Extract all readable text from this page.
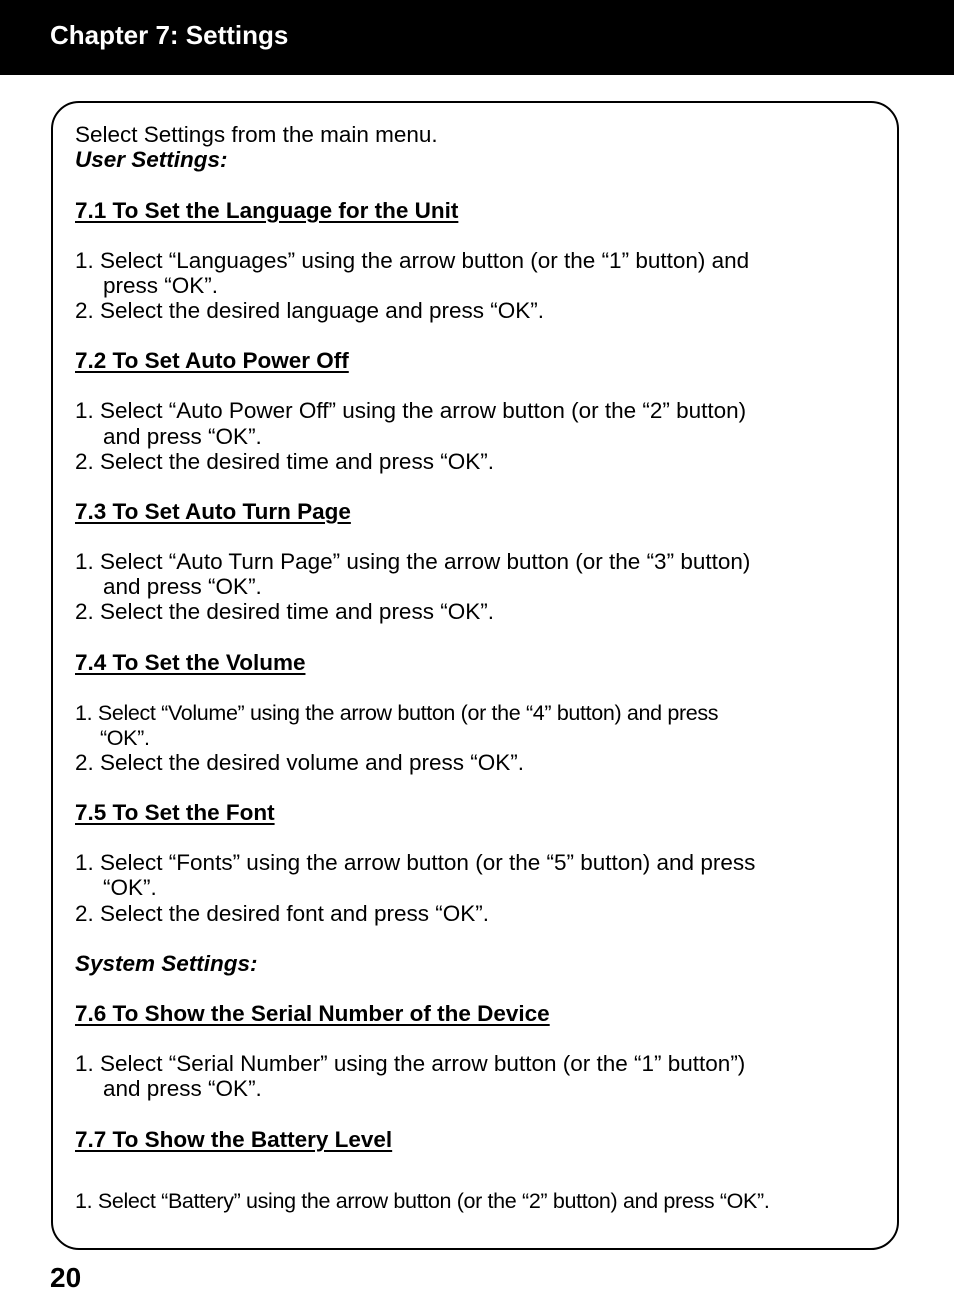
Chapter 7: Settings
Select Settings from the main menu.
User Settings:
7.1 To Set the Language for the Unit
1. Select “Languages” using the arrow button (or the “1” button) and
press “OK”.
2. Select the desired language and press “OK”.
7.2 To Set Auto Power Off
1. Select “Auto Power Off” using the arrow button (or the “2” button)
and press “OK”.
2. Select the desired time and press “OK”.
7.3 To Set Auto Turn Page
1. Select “Auto Turn Page” using the arrow button (or the “3” button)
and press “OK”.
2. Select the desired time and press “OK”.
7.4 To Set the Volume
1. Select “Volume” using the arrow button (or the “4” button) and press
“OK”.
2. Select the desired volume and press “OK”.
7.5 To Set the Font
1. Select “Fonts” using the arrow button (or the “5” button) and press
“OK”.
2. Select the desired font and press “OK”.
System Settings:
7.6 To Show the Serial Number of the Device
1. Select “Serial Number” using the arrow button (or the “1” button”)
and press “OK”.
7.7 To Show the Battery Level
1. Select “Battery” using the arrow button (or the “2” button) and press “OK”.
20
